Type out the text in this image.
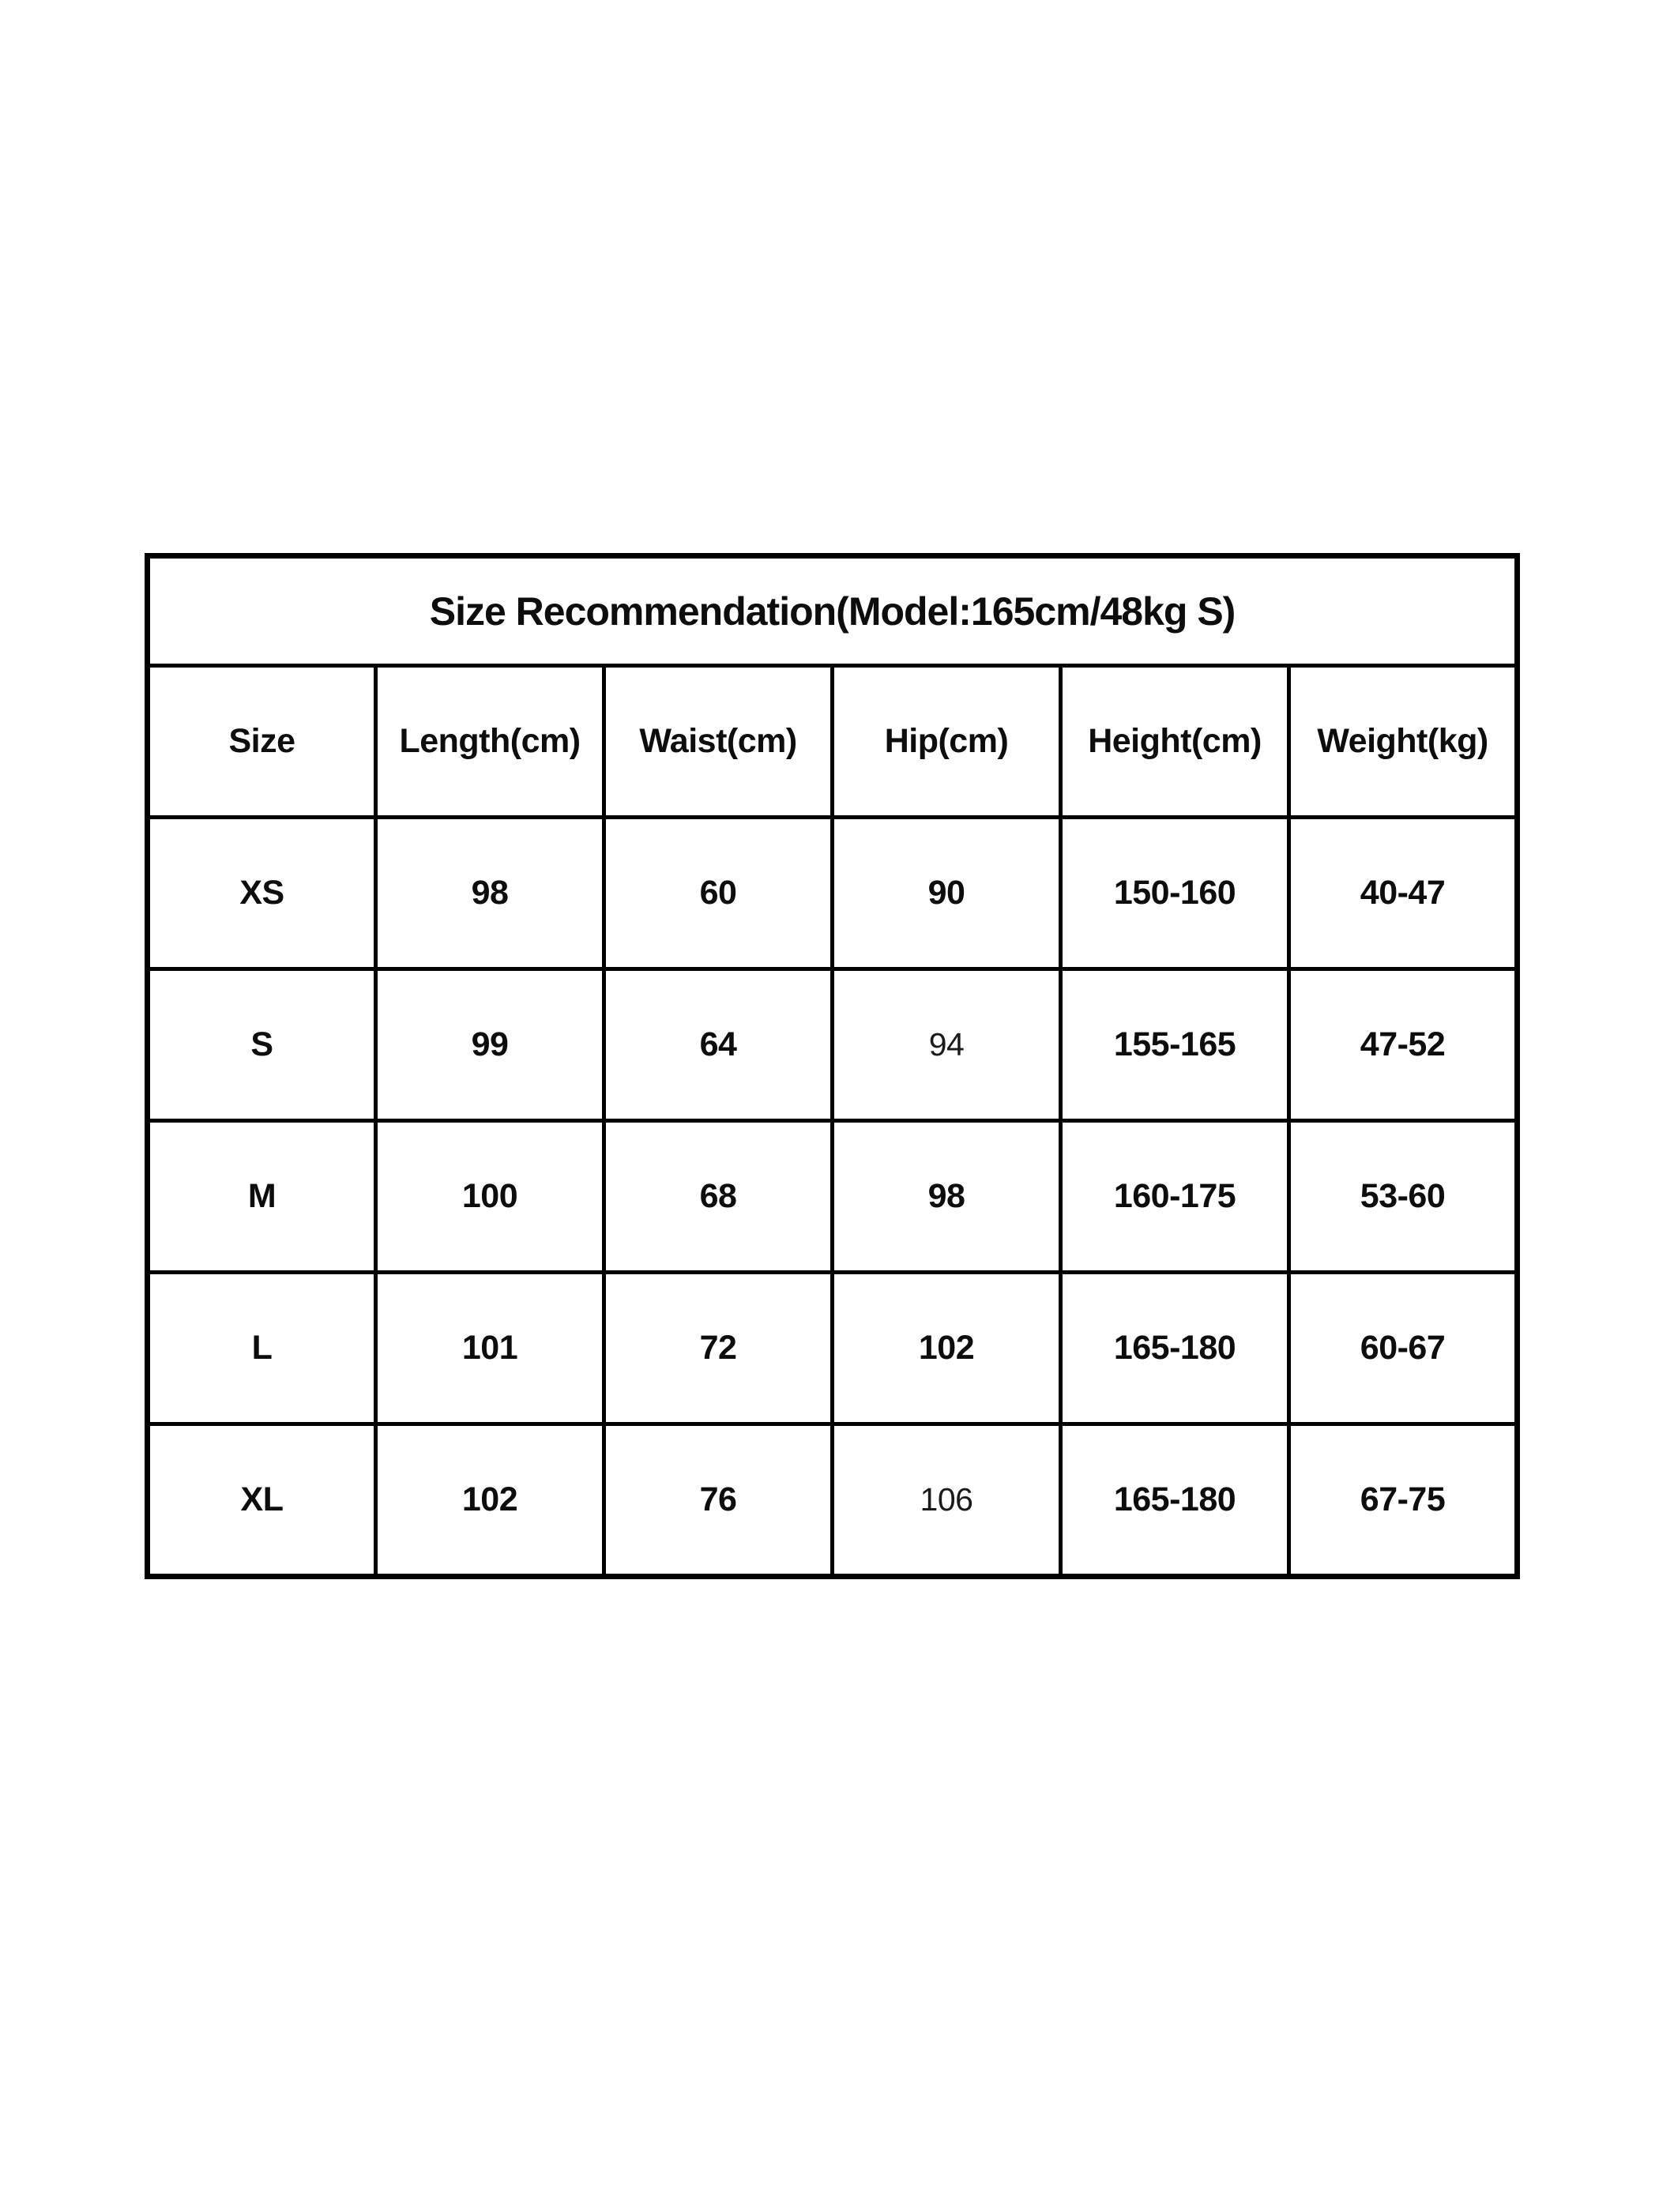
Size Recommendation(Model:165cm/48kg S)					
Size	Length(cm)	Waist(cm)	Hip(cm)	Height(cm)	Weight(kg)
XS	98	60	90	150-160	40-47
S	99	64	94	155-165	47-52
M	100	68	98	160-175	53-60
L	101	72	102	165-180	60-67
XL	102	76	106	165-180	67-75
